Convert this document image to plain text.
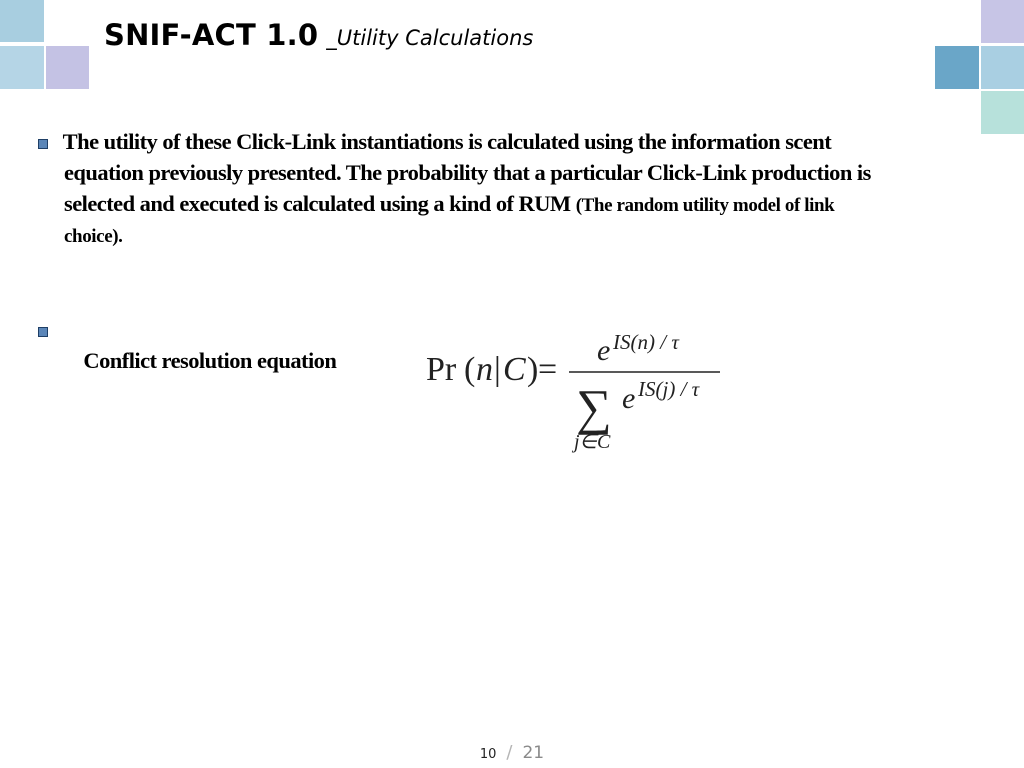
SNIF-ACT 1.0 _Utility Calculations
The utility of these Click-Link instantiations is calculated using the information scent
equation previously presented. The probability that a particular Click-Link production is
selected and executed is calculated using a kind of RUM (The random utility model of link
choice).

Conflict resolution equation
	Pr ( n | C ) =
e IS(n) / τ
∑ e IS(j) / τ
j∈C
10 / 21
